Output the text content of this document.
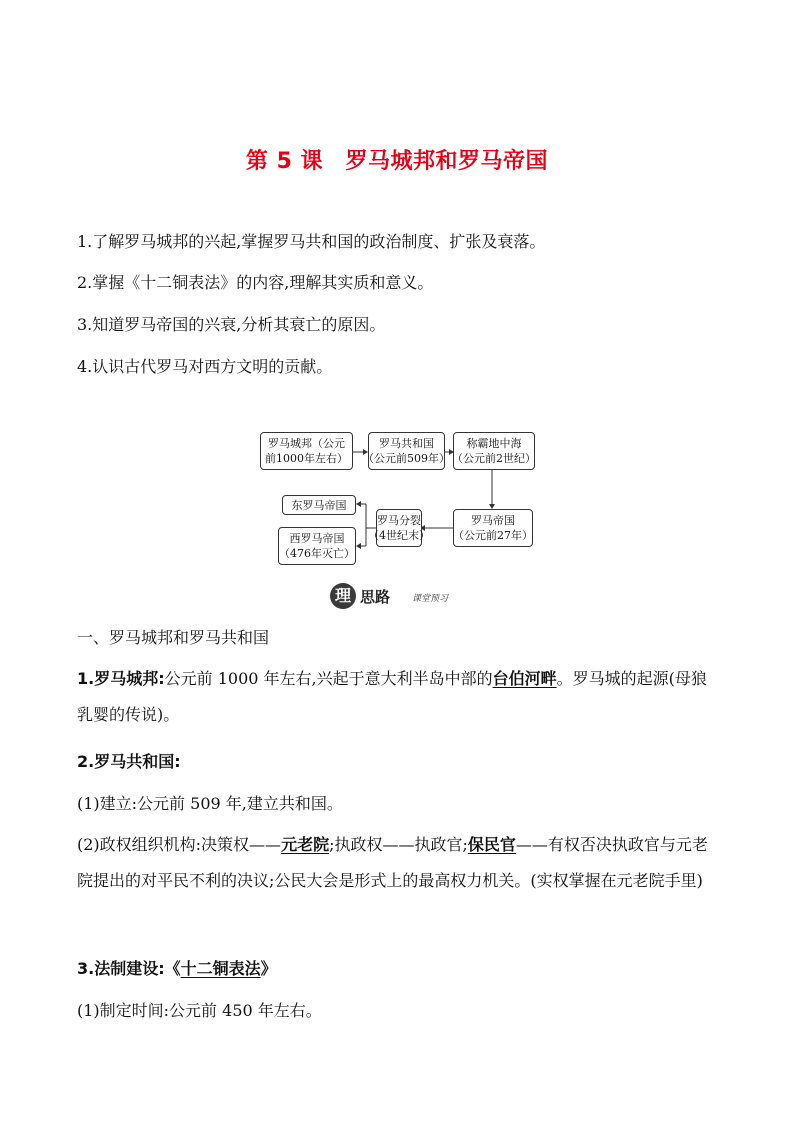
第 5 课　罗马城邦和罗马帝国
1.了解罗马城邦的兴起,掌握罗马共和国的政治制度、扩张及衰落。
2.掌握《十二铜表法》的内容,理解其实质和意义。
3.知道罗马帝国的兴衰,分析其衰亡的原因。
4.认识古代罗马对西方文明的贡献。
罗马城邦（公元
前1000年左右）
罗马共和国
（公元前509年）
称霸地中海
（公元前2世纪）
罗马帝国
（公元前27年）
罗马分裂
（4世纪末）
东罗马帝国
西罗马帝国
（476年灭亡）
理 思路 课堂预习
一、罗马城邦和罗马共和国
1.罗马城邦:公元前 1000 年左右,兴起于意大利半岛中部的台伯河畔。罗马城的起源(母狼乳婴的传说)。
2.罗马共和国:
(1)建立:公元前 509 年,建立共和国。
(2)政权组织机构:决策权——元老院;执政权——执政官;保民官——有权否决执政官与元老院提出的对平民不利的决议;公民大会是形式上的最高权力机关。(实权掌握在元老院手里)
3.法制建设:《十二铜表法》
(1)制定时间:公元前 450 年左右。
